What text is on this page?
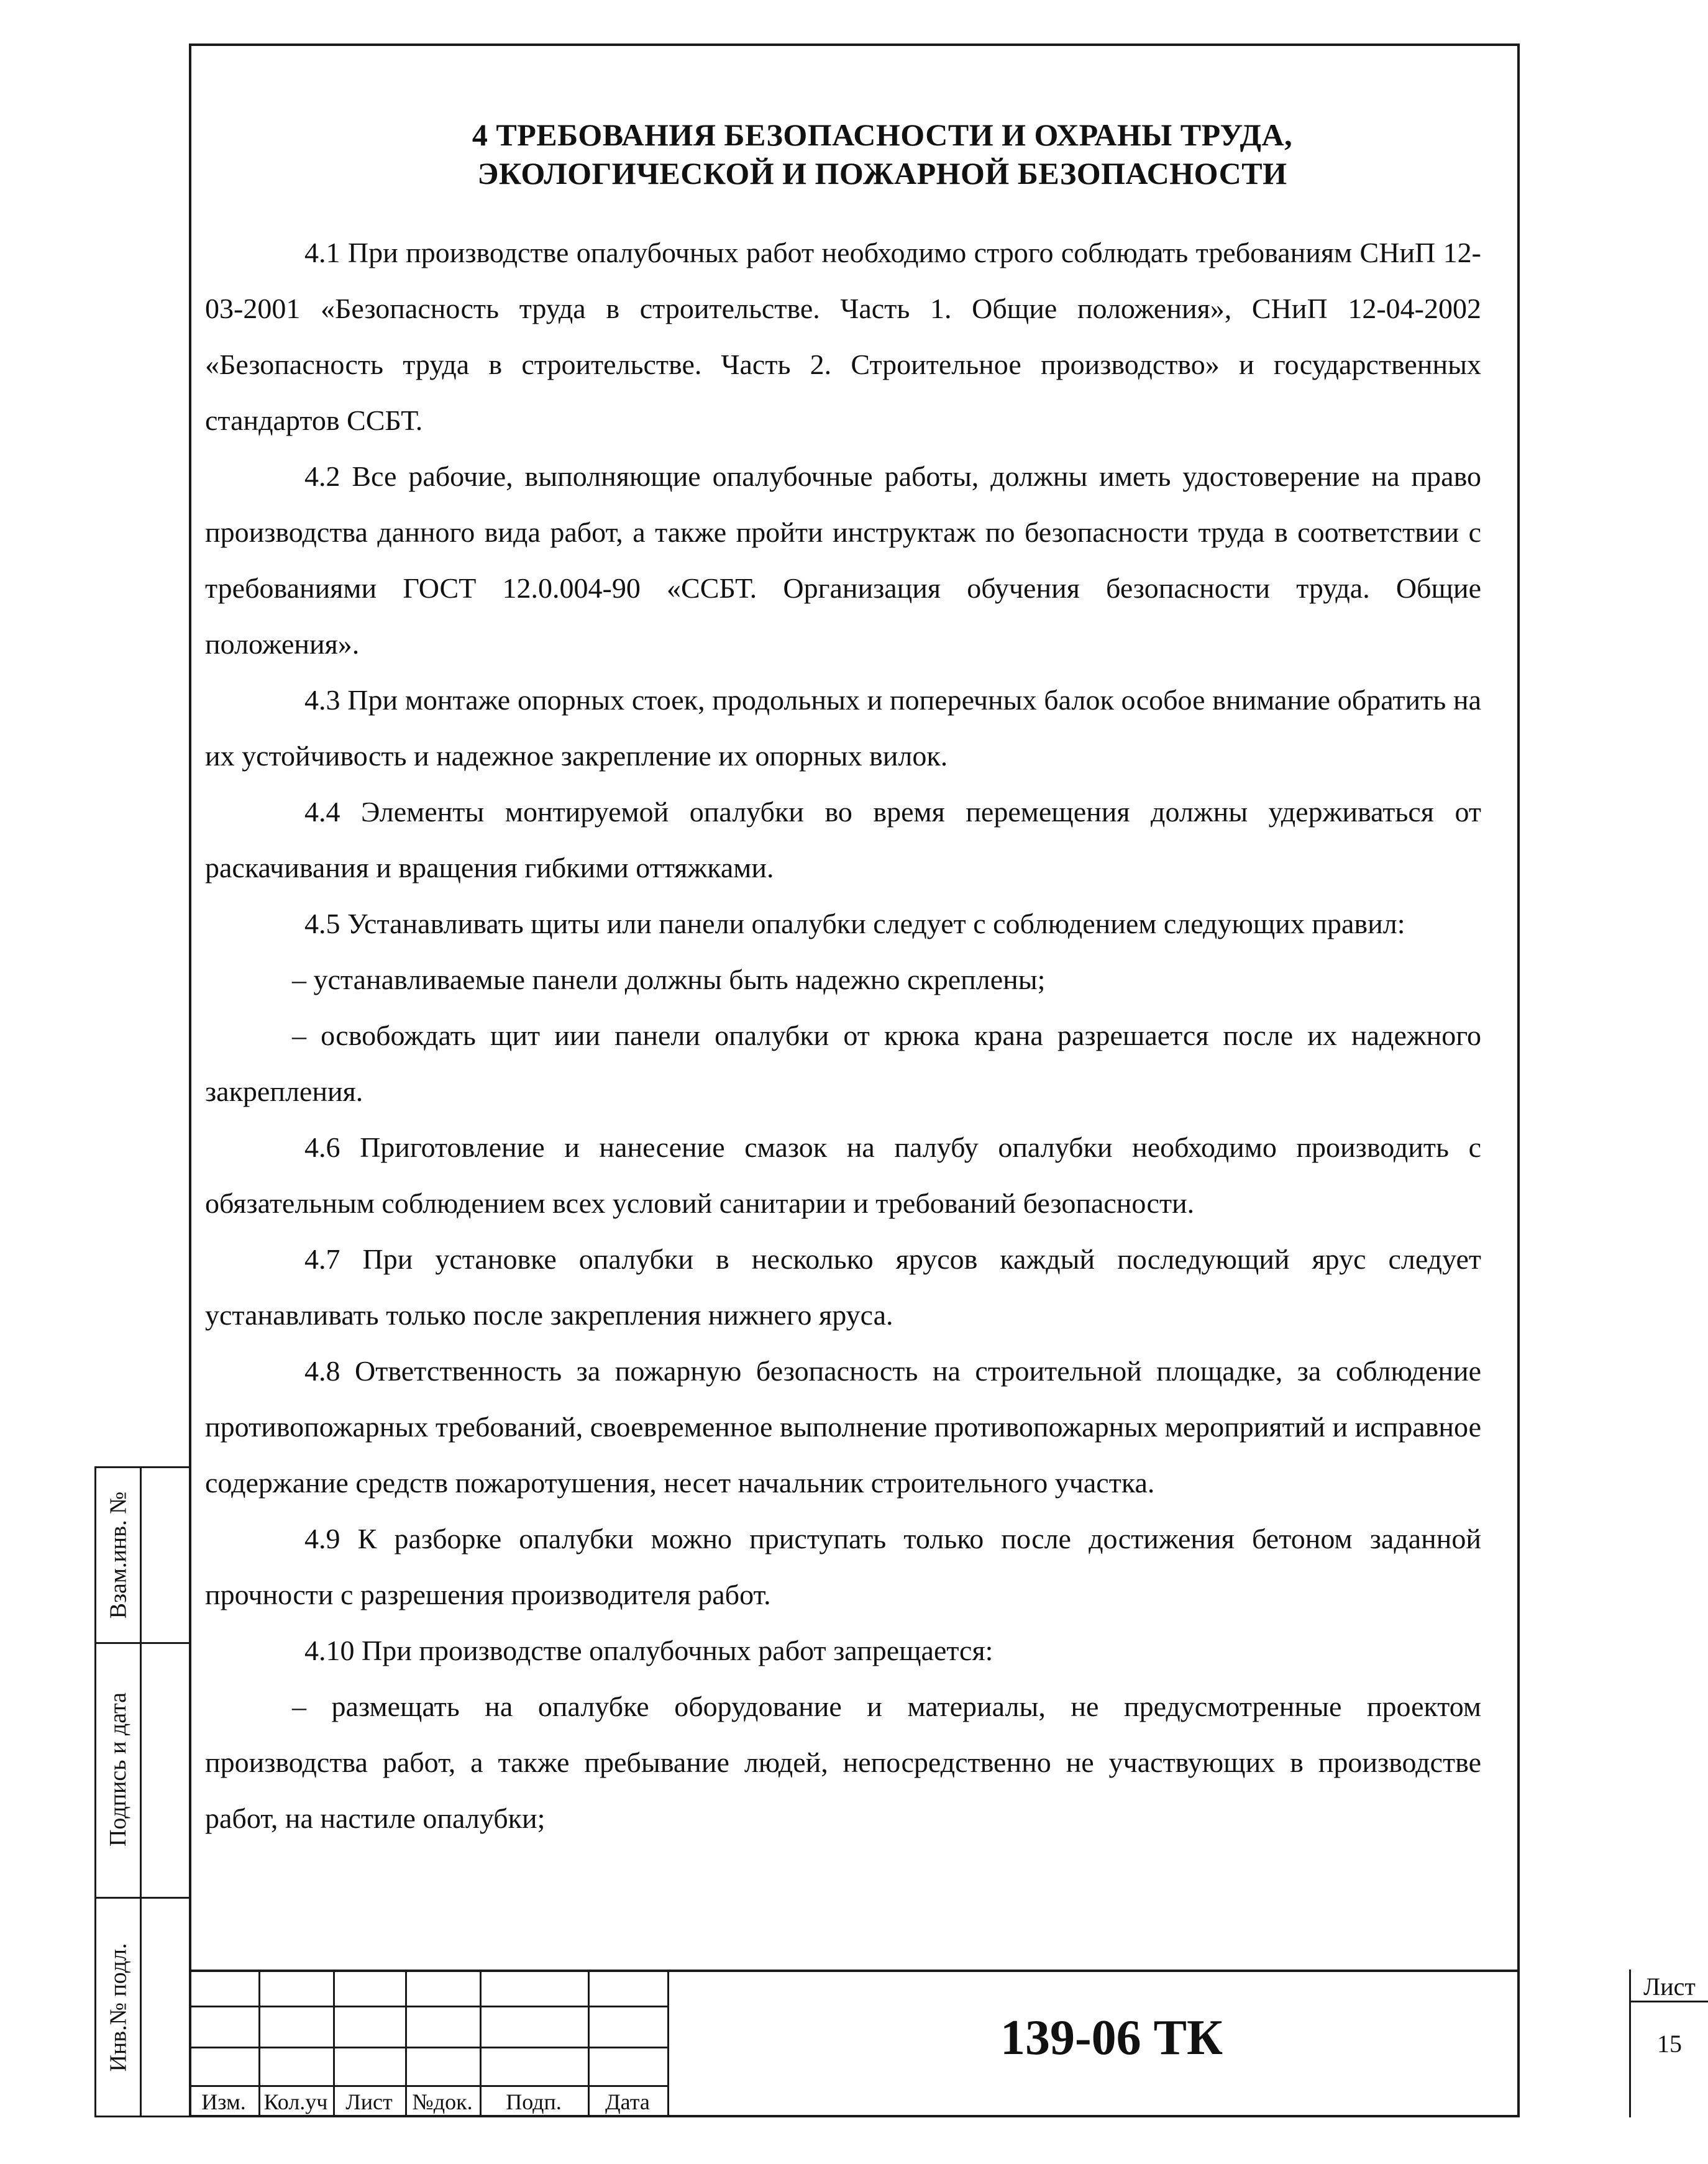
4 ТРЕБОВАНИЯ БЕЗОПАСНОСТИ И ОХРАНЫ ТРУДА,
ЭКОЛОГИЧЕСКОЙ И ПОЖАРНОЙ БЕЗОПАСНОСТИ

4.1 При производстве опалубочных работ необходимо строго соблюдать требованиям СНиП 12-03-2001 «Безопасность труда в строительстве. Часть 1. Общие положения», СНиП 12-04-2002 «Безопасность труда в строительстве. Часть 2. Строительное производство» и государственных стандартов ССБТ.

4.2 Все рабочие, выполняющие опалубочные работы, должны иметь удостоверение на право производства данного вида работ, а также пройти инструктаж по безопасности труда в соответствии с требованиями ГОСТ 12.0.004-90 «ССБТ. Организация обучения безопасности труда. Общие положения».

4.3 При монтаже опорных стоек, продольных и поперечных балок особое внимание обратить на их устойчивость и надежное закрепление их опорных вилок.

4.4 Элементы монтируемой опалубки во время перемещения должны удерживаться от раскачивания и вращения гибкими оттяжками.

4.5 Устанавливать щиты или панели опалубки следует с соблюдением следующих правил:

– устанавливаемые панели должны быть надежно скреплены;

– освобождать щит иии панели опалубки от крюка крана разрешается после их надежного закрепления.

4.6 Приготовление и нанесение смазок на палубу опалубки необходимо производить с обязательным соблюдением всех условий санитарии и требований безопасности.

4.7 При установке опалубки в несколько ярусов каждый последующий ярус следует устанавливать только после закрепления нижнего яруса.

4.8 Ответственность за пожарную безопасность на строительной площадке, за соблюдение противопожарных требований, своевременное выполнение противопожарных мероприятий и исправное содержание средств пожаротушения, несет начальник строительного участка.

4.9 К разборке опалубки можно приступать только после достижения бетоном заданной прочности с разрешения производителя работ.

4.10 При производстве опалубочных работ запрещается:

– размещать на опалубке оборудование и материалы, не предусмотренные проектом производства работ, а также пребывание людей, непосредственно не участвующих в производстве работ, на настиле опалубки;

Взам.инв. №
Подпись и дата
Инв.№ подл.
Изм. Кол.уч Лист №док.	Подп.	Дата
139-06 ТК
Лист
15
